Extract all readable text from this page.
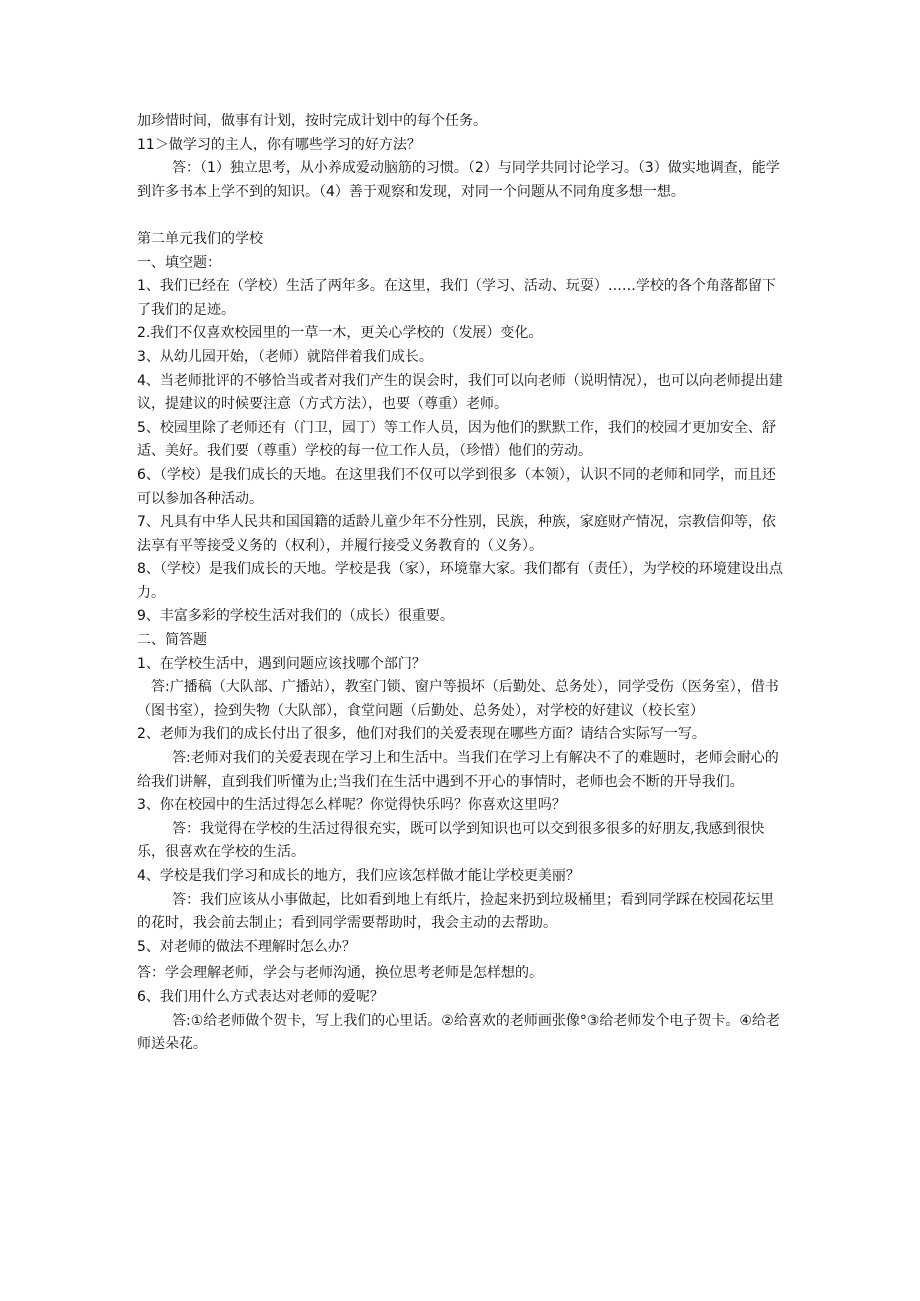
加珍惜时间，做事有计划，按时完成计划中的每个任务。

11＞做学习的主人，你有哪些学习的好方法？

答：（1）独立思考，从小养成爱动脑筋的习惯。（2）与同学共同讨论学习。（3）做实地调查，能学到许多书本上学不到的知识。（4）善于观察和发现，对同一个问题从不同角度多想一想。

第二单元我们的学校

一、填空题：

1、我们已经在（学校）生活了两年多。在这里，我们（学习、活动、玩耍）……学校的各个角落都留下了我们的足迹。

2.我们不仅喜欢校园里的一草一木，更关心学校的（发展）变化。

3、从幼儿园开始，（老师）就陪伴着我们成长。

4、当老师批评的不够恰当或者对我们产生的误会时，我们可以向老师（说明情况），也可以向老师提出建议，提建议的时候要注意（方式方法），也要（尊重）老师。

5、校园里除了老师还有（门卫，园丁）等工作人员，因为他们的默默工作，我们的校园才更加安全、舒适、美好。我们要（尊重）学校的每一位工作人员，（珍惜）他们的劳动。

6、（学校）是我们成长的天地。在这里我们不仅可以学到很多（本领），认识不同的老师和同学，而且还可以参加各种活动。

7、凡具有中华人民共和国国籍的适龄儿童少年不分性别，民族，种族，家庭财产情况，宗教信仰等，依法享有平等接受义务的（权利），并履行接受义务教育的（义务）。

8、（学校）是我们成长的天地。学校是我（家），环境靠大家。我们都有（责任），为学校的环境建设出点力。

9、丰富多彩的学校生活对我们的（成长）很重要。

二、简答题

1、在学校生活中，遇到问题应该找哪个部门？

答:广播稿（大队部、广播站），教室门锁、窗户等损坏（后勤处、总务处），同学受伤（医务室），借书（图书室），捡到失物（大队部），食堂问题（后勤处、总务处），对学校的好建议（校长室）

2、老师为我们的成长付出了很多，他们对我们的关爱表现在哪些方面？请结合实际写一写。

答:老师对我们的关爱表现在学习上和生活中。当我们在学习上有解决不了的难题时，老师会耐心的给我们讲解，直到我们听懂为止;当我们在生活中遇到不开心的事情时，老师也会不断的开导我们。

3、你在校园中的生活过得怎么样呢？你觉得快乐吗？你喜欢这里吗？

答：我觉得在学校的生活过得很充实，既可以学到知识也可以交到很多很多的好朋友,我感到很快乐，很喜欢在学校的生活。

4、学校是我们学习和成长的地方，我们应该怎样做才能让学校更美丽？

答：我们应该从小事做起，比如看到地上有纸片，捡起来扔到垃圾桶里；看到同学踩在校园花坛里的花时，我会前去制止；看到同学需要帮助时，我会主动的去帮助。

5、对老师的做法不理解时怎么办？

答：学会理解老师，学会与老师沟通，换位思考老师是怎样想的。

6、我们用什么方式表达对老师的爱呢？

答:①给老师做个贺卡，写上我们的心里话。②给喜欢的老师画张像°③给老师发个电子贺卡。④给老师送朵花。
